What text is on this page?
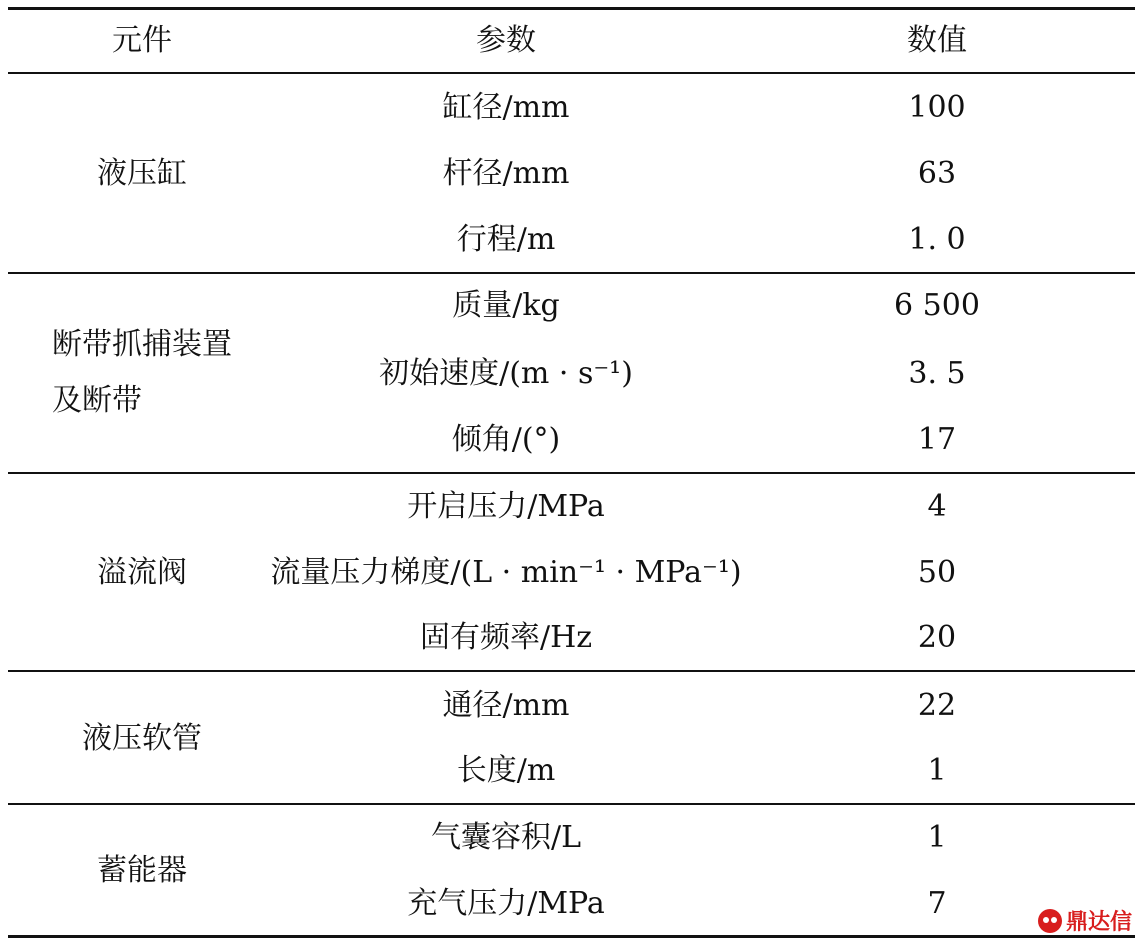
元件	参数	数值
液压缸
缸径/mm	100
杆径/mm	63
行程/m	1. 0
断带抓捕装置
及断带
质量/kg	6 500
初始速度/(m · s⁻¹)	3. 5
倾角/(°)	17
溢流阀
开启压力/MPa	4
流量压力梯度/(L · min⁻¹ · MPa⁻¹)	50
固有频率/Hz	20
液压软管
通径/mm	22
长度/m	1
蓄能器
气囊容积/L	1
充气压力/MPa	7
鼎达信
